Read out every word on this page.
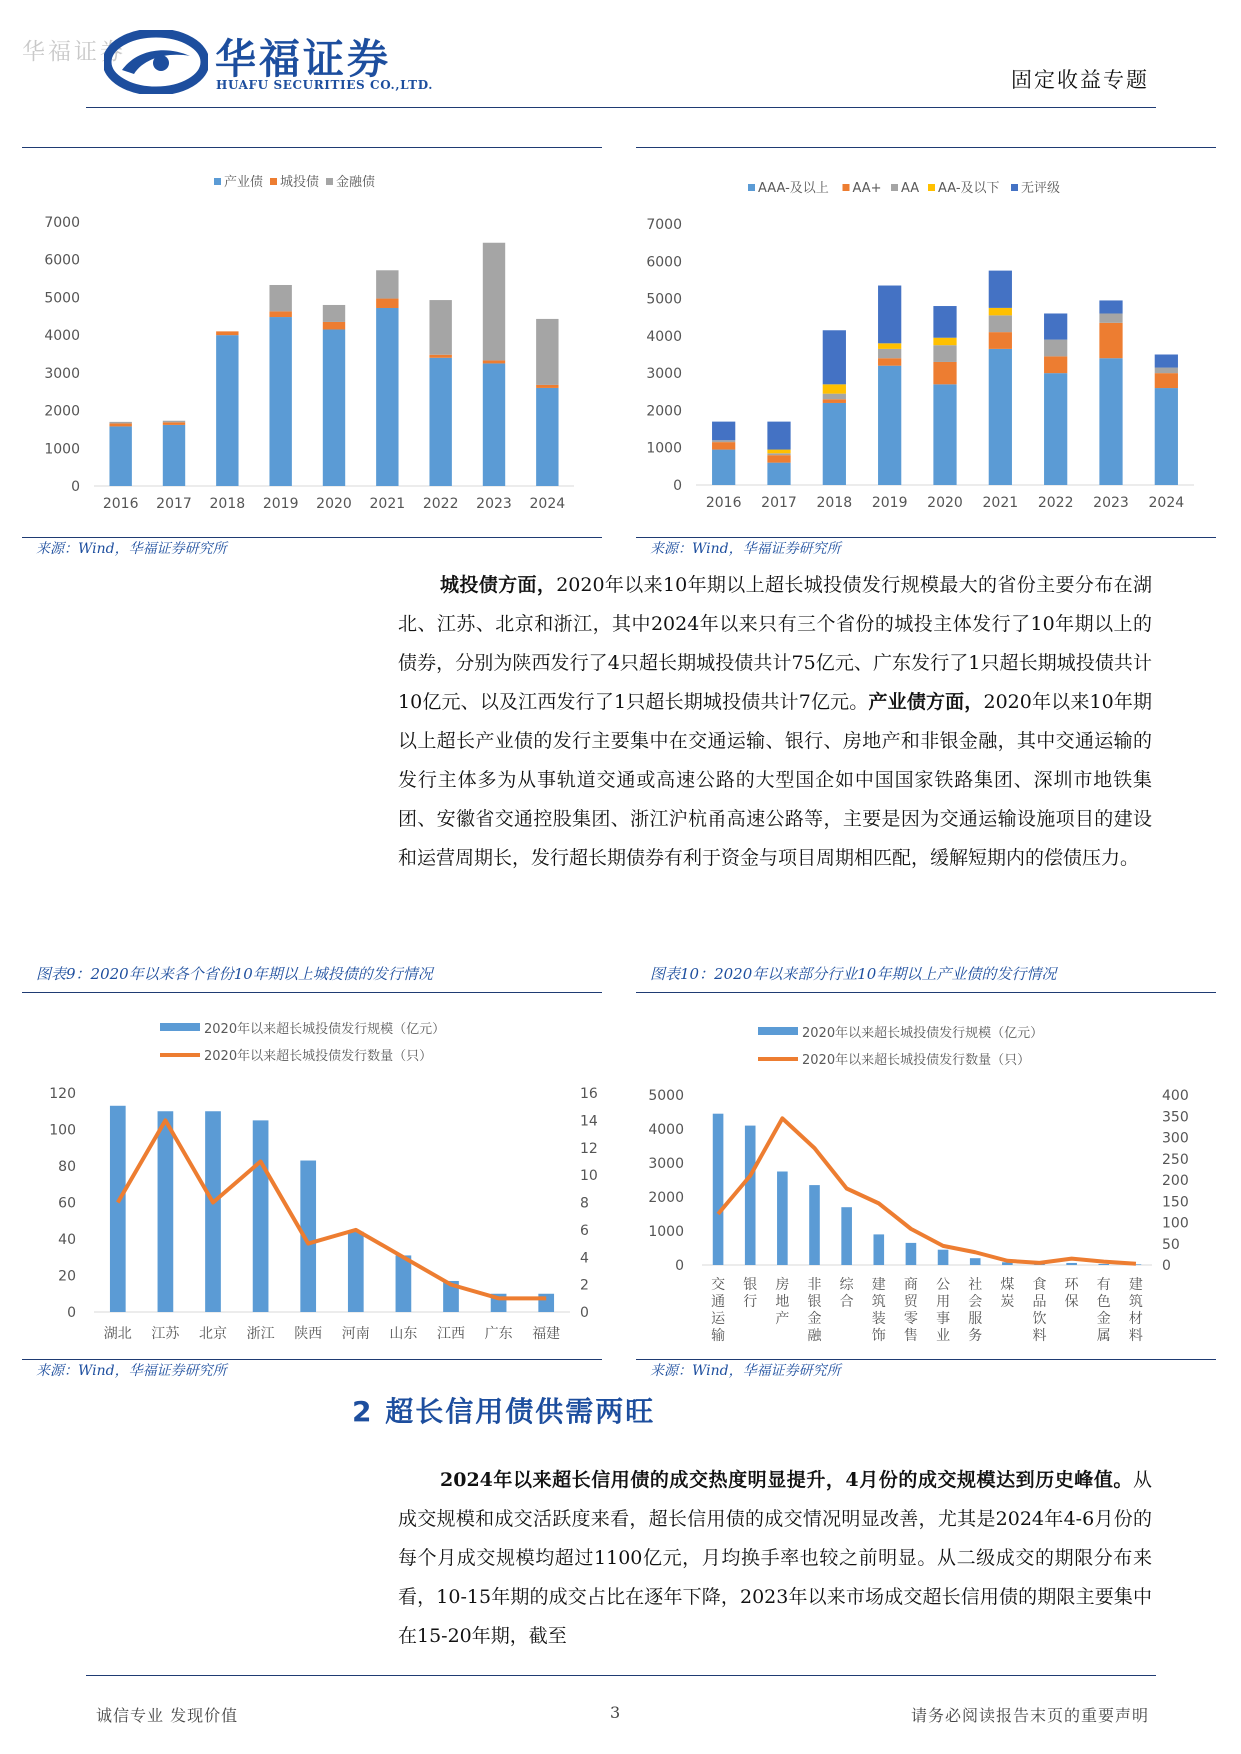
华福证券 华福证券
HUAFU SECURITIES CO.,LTD.	固定收益专题
0
1000
2000
3000
4000
5000
6000
7000
2016 2017 2018 2019 2020 2021 2022 2023 2024
产业债 城投债 金融债
0
1000
2000
3000
4000
5000
6000
7000
2016 2017 2018 2019 2020 2021 2022 2023 2024
AAA-及以上 AA+ AA AA-及以下 无评级
来源：Wind，华福证券研究所	来源：Wind，华福证券研究所

城投债方面，2020年以来10年期以上超长城投债发行规模最大的省份主要分布在湖北、江苏、北京和浙江，其中2024年以来只有三个省份的城投主体发行了10年期以上的债券，分别为陕西发行了4只超长期城投债共计75亿元、广东发行了1只超长期城投债共计10亿元、以及江西发行了1只超长期城投债共计7亿元。产业债方面，2020年以来10年期以上超长产业债的发行主要集中在交通运输、银行、房地产和非银金融，其中交通运输的发行主体多为从事轨道交通或高速公路的大型国企如中国国家铁路集团、深圳市地铁集团、安徽省交通控股集团、浙江沪杭甬高速公路等，主要是因为交通运输设施项目的建设和运营周期长，发行超长期债券有利于资金与项目周期相匹配，缓解短期内的偿债压力。

图表9：2020年以来各个省份10年期以上城投债的发行情况	图表10：2020年以来部分行业10年期以上产业债的发行情况
0
20
40
60
80
100
120
0
2
4
6
8
10
12
14
16
湖北 江苏 北京 浙江 陕西 河南 山东 江西 广东 福建
2020年以来超长城投债发行规模（亿元）
2020年以来超长城投债发行数量（只）
0
1000
2000
3000
4000
5000
0
50
100
150
200
250
300
350
400
交
通
运
输
银
行
房
地
产
非
银
金
融
综
合
建
筑
装
饰
商
贸
零
售
公
用
事
业
社
会
服
务
煤
炭
食
品
饮
料
环
保
有
色
金
属
建
筑
材
料
2020年以来超长城投债发行规模（亿元）
2020年以来超长城投债发行数量（只）
来源：Wind，华福证券研究所	来源：Wind，华福证券研究所
2 超长信用债供需两旺

2024年以来超长信用债的成交热度明显提升，4月份的成交规模达到历史峰值。从成交规模和成交活跃度来看，超长信用债的成交情况明显改善，尤其是2024年4-6月份的每个月成交规模均超过1100亿元，月均换手率也较之前明显。从二级成交的期限分布来看，10-15年期的成交占比在逐年下降，2023年以来市场成交超长信用债的期限主要集中在15-20年期，截至

诚信专业 发现价值	3	请务必阅读报告末页的重要声明
